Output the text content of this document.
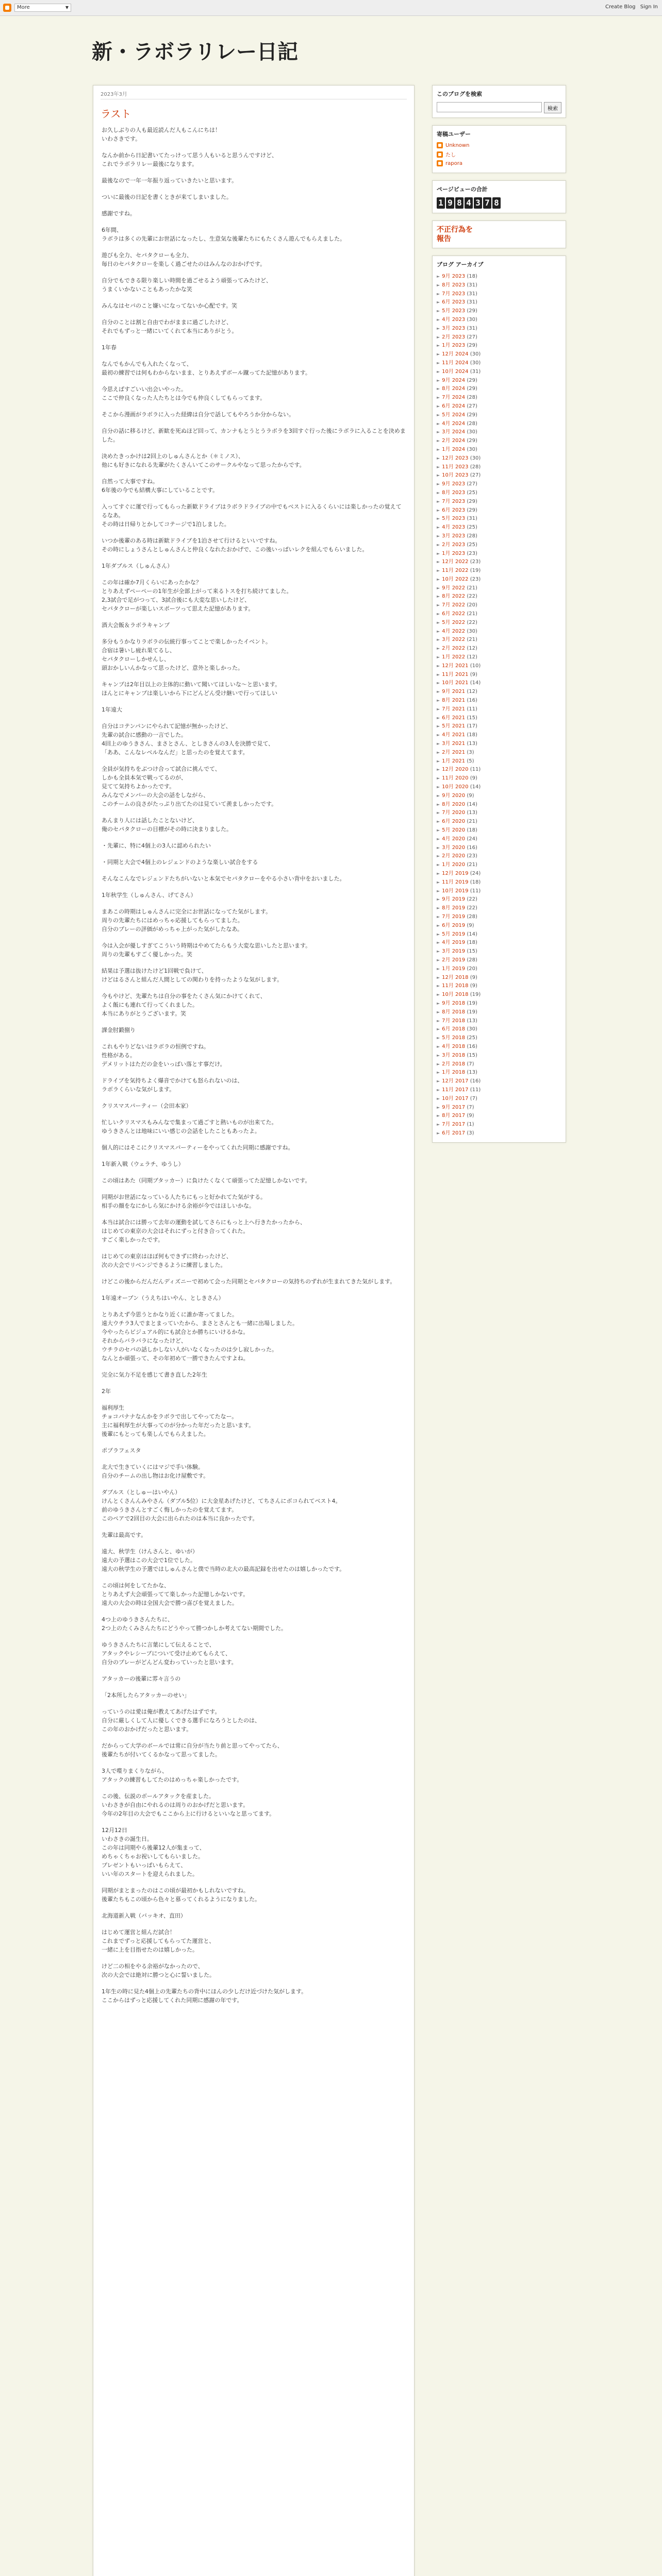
More	▼	Create Blog Sign In
新・ラボラリレー日記
2023年3月
ラスト

お久しぶりの人も最近読んだ人もこんにちは！
いわさきです。

なんか前から日記書いてたっけって思う人もいると思うんですけど、
これでラボラリレー最後になります。

最後なので一年一年振り返っていきたいと思います。

ついに最後の日記を書くときが来てしまいました。

感謝ですね。

6年間、
ラボラは多くの先輩にお世話になったし、生意気な後輩たちにもたくさん遊んでもらえました。

遊びも全力、セパタクローも全力、
毎日のセパタクローを楽しく過ごせたのはみんなのおかげです。

自分でもできる限り楽しい時間を過ごせるよう頑張ってみたけど、
うまくいかないこともあったかな笑

みんなはセパのこと嫌いになってないか心配です。笑

自分のことは割と自由でわがままに過ごしたけど、
それでもずっと一緒にいてくれて本当にありがとう。

1年春

なんでもかんでも入れたくなって、
最初の練習では何もわからないまま、とりあえずボール蹴ってた記憶があります。

今思えばすごいい出会いやった。
ここで仲良くなった人たちとは今でも仲良くしてもらってます。

そこから漫画がラボラに入った経緯は自分で話してもやろうか分からない。

自分の話に移るけど、新歓を死ぬほど回って、カンナもとうとうラボラを3回すぐ行った後にラボラに入ることを決めました。

決めたきっかけは2回上のしゅんさんとか（＊ミノス）、
他にも好きになれる先輩がたくさんいてこのサークルやなって思ったからです。

自然って大事ですね。
6年後の今でも結構大事にしていることです。

入ってすぐに運で行ってもらった新歓ドライブはラボラドライブの中でもベストに入るくらいには楽しかったの覚えてるなあ。
その時は日帰りとかしてコテージで1泊しました。

いつか後輩のある時は新歓ドライブを1泊させて行けるといいですね。
その時にしょうさんとしゅんさんと仲良くなれたおかげで、この後いっぱいレクを組んでもらいました。

1年ダブルス（しゅんさん）

この年は確か7月くらいにあったかな？
とりあえずペーペーの1年生が全部上がって来るトスを打ち続けてました。
2,3試合で足がつって、3試合後にも大変な思いしたけど、
セパタクローが楽しいスポーツって思えた記憶があります。

酒大会飯＆ラボラキャンプ

多分もうかなりラボラの伝統行事ってことで楽しかったイベント。
合宿は暑いし疲れ果てるし、
セパタクローしかせんし、
頭おかしいんかなって思ったけど、意外と楽しかった。

キャンプは2年目以上の主体的に動いて聞いてほしいな～と思います。
ほんとにキャンプは楽しいから下にどんどん受け継いで行ってほしい

1年遠大

自分はコテンパンにやられて記憶が無かったけど、
先輩の試合に感動の一言でした。
4回上のゆうきさん、まさとさん、としきさんの3人を決勝で見て、
「ああ、こんなレベルなんだ」と思ったのを覚えてます。

全員が気持ちをぶつけ合って試合に挑んでて、
しかも全員本気で戦ってるのが、
見てて気持ちよかったです。
みんなでメンバーの大会の話をしながら、
このチームの良さがたっぷり出てたのは見ていて羨ましかったです。

あんまり人には話したことないけど、
俺のセパタクローの目標がその時に決まりました。

・先輩に、特に4個上の3人に認められたい

・同期と大会で4個上のレジェンドのような楽しい試合をする

そんなこんなでレジェンドたちがいないと本気でセパタクローをやる小さい背中をおいました。

1年秋学生（しゅんさん、げてさん）

まあこの時期はしゅんさんに完全にお世話になってた気がします。
周りの先輩たちにはめっちゃ応援してもらってました。
自分のプレーの評価がめっちゃ上がった気がしたなあ。

今は入会が優しすぎてこういう時期はやめてたらもう大変な思いしたと思います。
周りの先輩もすごく優しかった。笑

結果は予選は抜けたけど1回戦で負けて、
けどはるさんと組んだ人間としての関わりを持ったような気がします。

今もやけど、先輩たちは自分の事をたくさん気にかけてくれて、
よく飯にも連れて行ってくれました。
本当にありがとうございます。笑

課金肘鍛捌り

これもやりどないはラボラの恒例ですね。
性格がある。
デメリットはただの金をいっぱい落とす事だけ。

ドライブを気持ちよく爆音でかけても怒られないのは、
ラボラくらいな気がします。

クリスマスパーティー（会田本家）

忙しいクリスマスもみんなで集まって過ごすと熱いものが出来てた。
ゆうきさんとは地味にいい感じの会話をしたこともあったよ。

個人的にはそこにクリスマスパーティーをやってくれた同期に感謝ですね。

1年新入戦（ウェラチ、ゆうし）

この頃はあた（同期ブタッカー）に負けたくなくて頑張ってた記憶しかないです。

同期がお世話になっている人たちにもっと好かれてた気がする。
相手の顔をなにかしら気にかける余裕が今ではほしいかな。

本当は試合には勝って去年の運動を試してさらにもっと上へ行きたかったから、
はじめての東京の大会はそれにずっと付き合ってくれた。
すごく楽しかったです。

はじめての東京はほぼ何もできずに終わったけど、
次の大会でリベンジできるように練習しました。

けどこの後からだんだんディズニーで初めて会った同期とセパタクローの気持ちのずれが生まれてきた気がします。

1年遠オープン（うえちはいやん、としきさん）

とりあえず今思うとかなり近くに誰か寄ってました。
遠大ウチラ3人でまとまっていたから、まさとさんとも一緒に出場しました。
今やったらビジュアル的にも試合とか勝ちにいけるかな。
それからバラバラになったけど、
ウチラのセパの話しかしない人がいなくなったのは少し寂しかった。
なんとか頑張って、その年初めて一勝できたんですよね。

完全に気力不足を感じて書き直した2年生

2年

福利厚生
チョコパナナなんかをラボラで出してやってたなー。
主に福利厚生が大事ってのが分かった年だったと思います。
後輩にもとっても楽しんでもらえました。

ポプラフェスタ

北大で生きていくにはマジで手い体験。
自分のチームの出し物はお化け屋敷です。

ダブルス（としゅーはいやん）
けんとくさんんみやさん（ダブル5位）に大金星あげたけど、てちさんにボコられてベスト4。
前のゆうきさんとすごく悔しかったのを覚えてます。
このペアで2回目の大会に出られたのは本当に良かったです。

先輩は最高です。

遠大、秋学生（けんさんと、ゆいが）
遠大の予選はこの大会で1位でした。
遠大の秋学生の予選ではしゅんさんと僕で当時の北大の最高記録を出せたのは嬉しかったです。

この頃は何をしてたかな、
とりあえず大会頑張ってて楽しかった記憶しかないです。
遠大の大会の時は全国大会で勝つ喜びを覚えました。

4つ上のゆうきさんたちに、
2つ上のたくみさんたちにどうやって勝つかしか考えてない期間でした。

ゆうきさんたちに言葉にして伝えることで、
アタックやレシーブについて受け止めてもらえて、
自分のプレーがどんどん変わっていったと思います。

アタッカーの後輩に雰々言うの

「2本所したらアタッカーのせい」

っていうのは愛は俺が教えてあげたはずです。
自分に厳しくして人に優しくできる選手になろうとしたのは、
この年のおかげだったと思います。

だからって大学のボールでは常に自分が当たり前と思ってやってたら、
後輩たちが付いてくるかなって思ってました。

3人で喋りまくりながら、
アタックの練習もしてたのはめっちゃ楽しかったです。

この後、伝説のボールアタックを産ました。
いわさきが自由にやれるのは周りのおかげだと思います。
今年の2年目の大会でもここから上に行けるといいなと思ってます。

12月12日
いわさきの誕生日。
この年は同期やら後輩12人が集まって、
めちゃくちゃお祝いしてもらいました。
プレゼントもいっぱいもらえて、
いい年のスタートを迎えられました。

同期がまとまったのはこの頃が最初かもしれないですね。
後輩たちもこの頃から色々と慕ってくれるようになりました。

北海道新入戦（バッキオ、直田）

はじめて運営と組んだ試合！
これまでずっと応援してもらってた運営と、
一緒に上を目指せたのは嬉しかった。

けど二の相をやる余裕がなかったので、
次の大会では絶対に勝つと心に誓いました。

1年生の時に見た4個上の先輩たちの背中にほんの少しだけ近づけた気がします。
ここからはずっと応援してくれた同期に感謝の年です。

このブログを検索
検索
寄稿ユーザー
Unknown
たし
rapora
ページビューの合計
1 9 8 4 3 7 8
不正行為を
報告
ブログ アーカイブ
► 9月 2023 (18)
► 8月 2023 (31)
► 7月 2023 (31)
► 6月 2023 (31)
► 5月 2023 (29)
► 4月 2023 (30)
► 3月 2023 (31)
► 2月 2023 (27)
► 1月 2023 (29)
► 12月 2024 (30)
► 11月 2024 (30)
► 10月 2024 (31)
► 9月 2024 (29)
► 8月 2024 (29)
► 7月 2024 (28)
► 6月 2024 (27)
► 5月 2024 (29)
► 4月 2024 (28)
► 3月 2024 (30)
► 2月 2024 (29)
► 1月 2024 (30)
► 12月 2023 (30)
► 11月 2023 (28)
► 10月 2023 (27)
► 9月 2023 (27)
► 8月 2023 (25)
► 7月 2023 (29)
► 6月 2023 (29)
► 5月 2023 (31)
► 4月 2023 (25)
► 3月 2023 (28)
► 2月 2023 (25)
► 1月 2023 (23)
► 12月 2022 (23)
► 11月 2022 (19)
► 10月 2022 (23)
► 9月 2022 (21)
► 8月 2022 (22)
► 7月 2022 (20)
► 6月 2022 (21)
► 5月 2022 (22)
► 4月 2022 (30)
► 3月 2022 (21)
► 2月 2022 (12)
► 1月 2022 (12)
► 12月 2021 (10)
► 11月 2021 (9)
► 10月 2021 (14)
► 9月 2021 (12)
► 8月 2021 (16)
► 7月 2021 (11)
► 6月 2021 (15)
► 5月 2021 (17)
► 4月 2021 (18)
► 3月 2021 (13)
► 2月 2021 (3)
► 1月 2021 (5)
► 12月 2020 (11)
► 11月 2020 (9)
► 10月 2020 (14)
► 9月 2020 (9)
► 8月 2020 (14)
► 7月 2020 (13)
► 6月 2020 (21)
► 5月 2020 (18)
► 4月 2020 (24)
► 3月 2020 (16)
► 2月 2020 (23)
► 1月 2020 (21)
► 12月 2019 (24)
► 11月 2019 (18)
► 10月 2019 (11)
► 9月 2019 (22)
► 8月 2019 (22)
► 7月 2019 (28)
► 6月 2019 (9)
► 5月 2019 (14)
► 4月 2019 (18)
► 3月 2019 (15)
► 2月 2019 (28)
► 1月 2019 (20)
► 12月 2018 (9)
► 11月 2018 (9)
► 10月 2018 (19)
► 9月 2018 (19)
► 8月 2018 (19)
► 7月 2018 (13)
► 6月 2018 (30)
► 5月 2018 (25)
► 4月 2018 (16)
► 3月 2018 (15)
► 2月 2018 (7)
► 1月 2018 (13)
► 12月 2017 (16)
► 11月 2017 (11)
► 10月 2017 (7)
► 9月 2017 (7)
► 8月 2017 (9)
► 7月 2017 (1)
► 6月 2017 (3)
